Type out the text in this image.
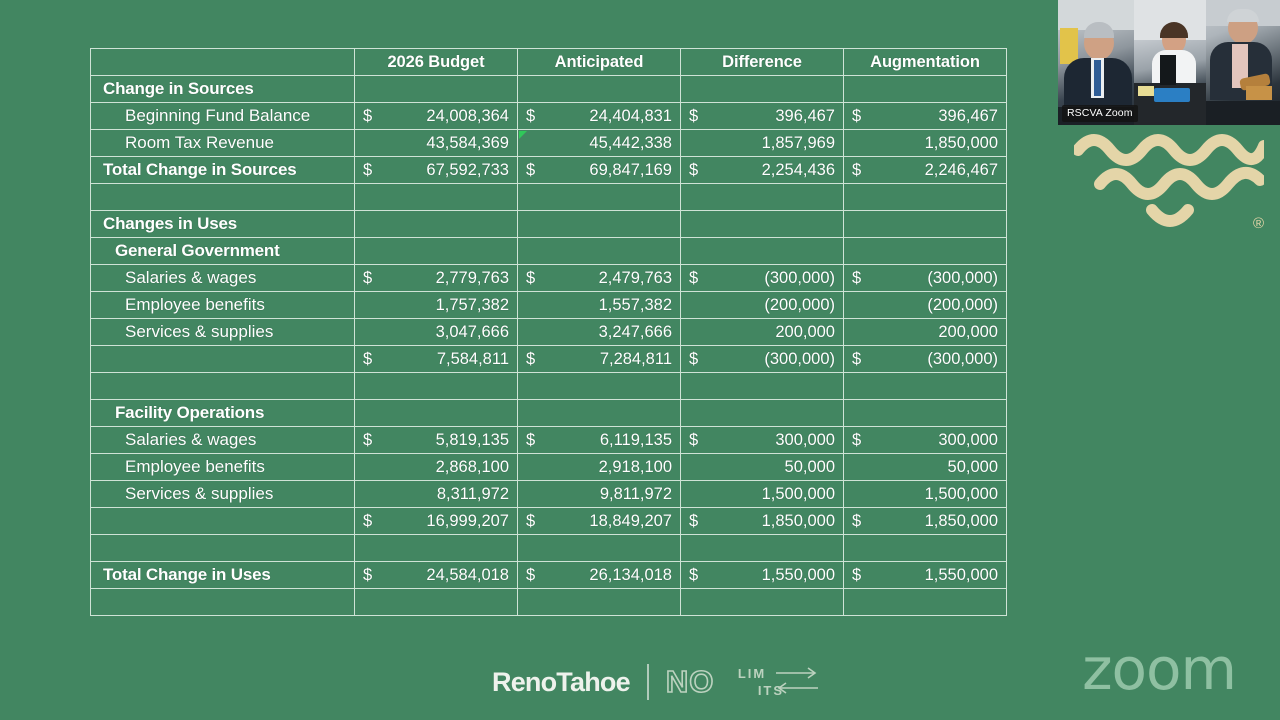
	2026 Budget	Anticipated	Difference	Augmentation
Change in Sources	

Beginning Fund Balance	$ 24,008,364	$ 24,404,831	$ 396,467	$ 396,467

Room Tax Revenue	43,584,369	45,442,338	1,857,969	1,850,000

Total Change in Sources	$ 67,592,733	$ 69,847,169	$ 2,254,436	$ 2,246,467

Changes in Uses	

General Government	

Salaries & wages	$ 2,779,763	$ 2,479,763	$ (300,000)	$ (300,000)

Employee benefits	1,757,382	1,557,382	(200,000)	(200,000)

Services & supplies	3,047,666	3,247,666	200,000	200,000

	$ 7,584,811	$ 7,284,811	$ (300,000)	$ (300,000)

Facility Operations	

Salaries & wages	$ 5,819,135	$ 6,119,135	$ 300,000	$ 300,000

Employee benefits	2,868,100	2,918,100	50,000	50,000

Services & supplies	8,311,972	9,811,972	1,500,000	1,500,000

	$ 16,999,207	$ 18,849,207	$ 1,850,000	$ 1,850,000

Total Change in Uses	$ 24,584,018	$ 26,134,018	$ 1,550,000	$ 1,550,000

RSCVA Zoom
®
RenoTahoe NO LIM
ITS	zoom
